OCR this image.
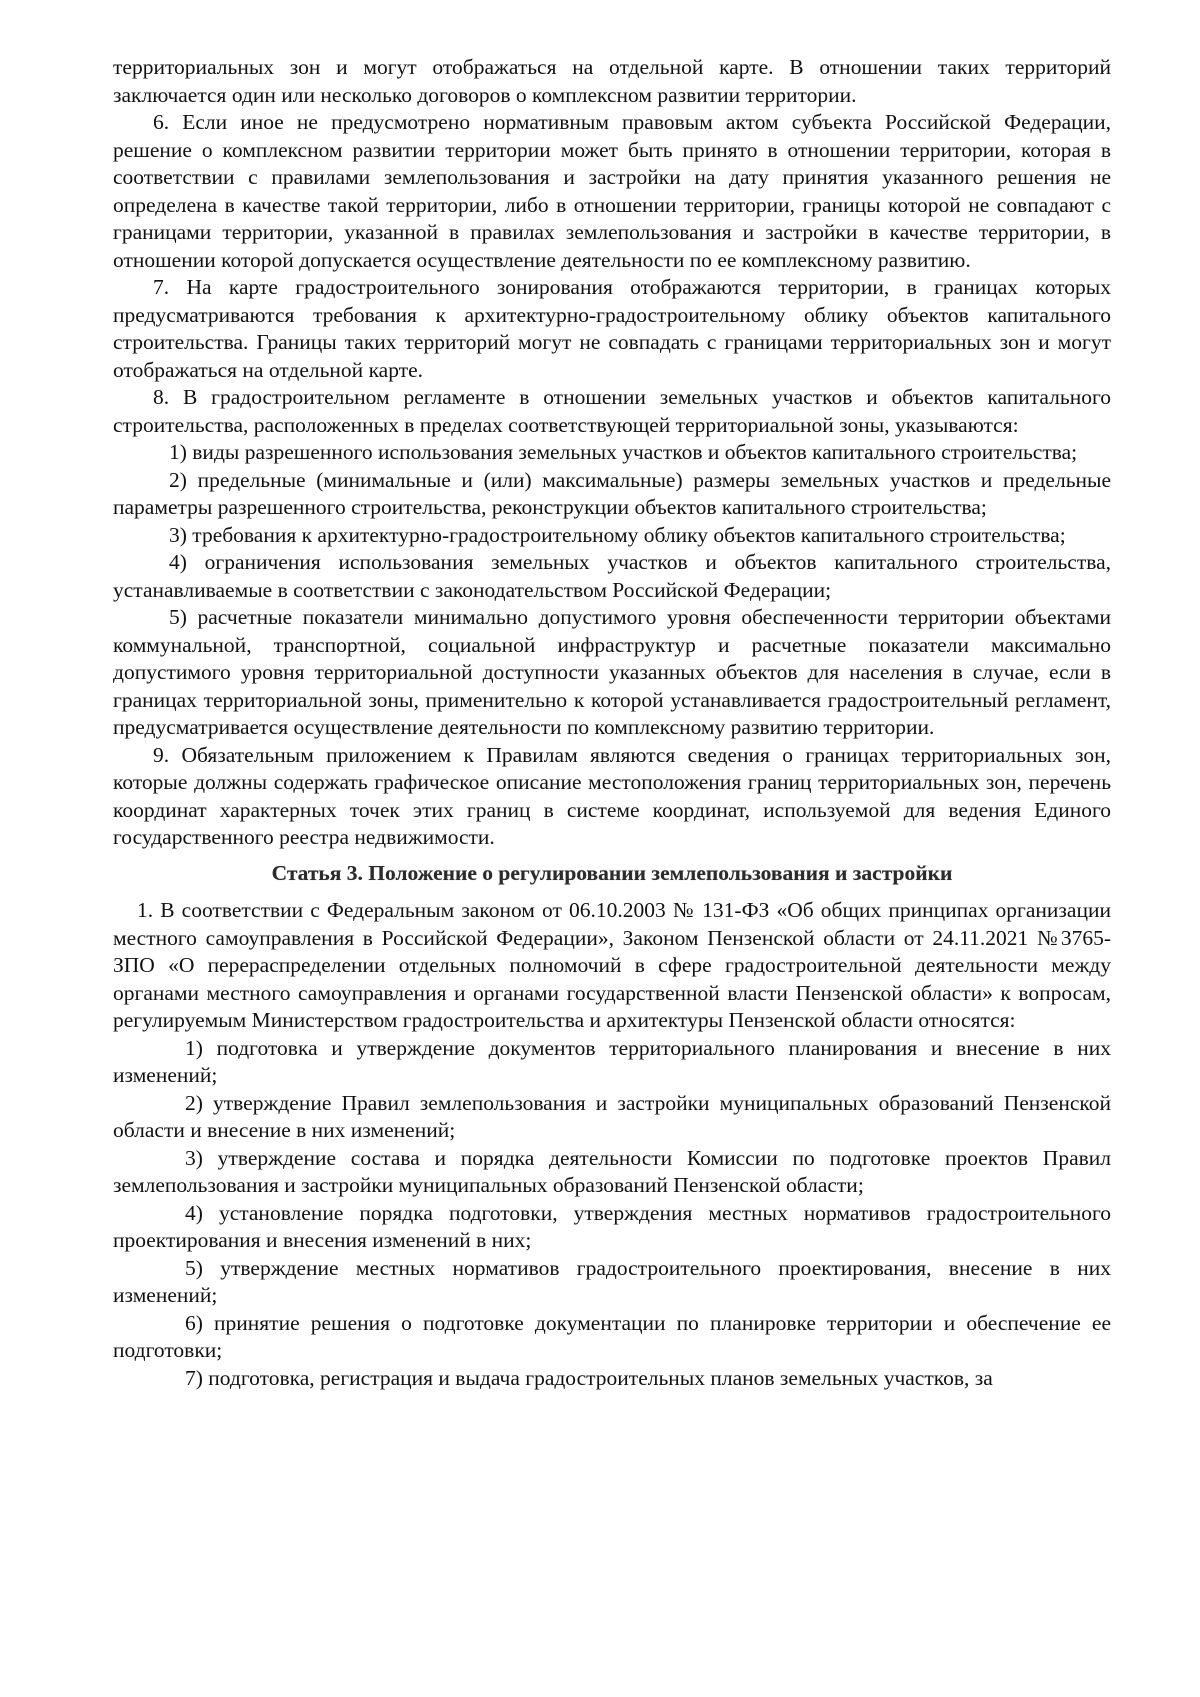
территориальных зон и могут отображаться на отдельной карте. В отношении таких территорий заключается один или несколько договоров о комплексном развитии территории.

6. Если иное не предусмотрено нормативным правовым актом субъекта Российской Федерации, решение о комплексном развитии территории может быть принято в отношении территории, которая в соответствии с правилами землепользования и застройки на дату принятия указанного решения не определена в качестве такой территории, либо в отношении территории, границы которой не совпадают с границами территории, указанной в правилах землепользования и застройки в качестве территории, в отношении которой допускается осуществление деятельности по ее комплексному развитию.

7. На карте градостроительного зонирования отображаются территории, в границах которых предусматриваются требования к архитектурно-градостроительному облику объектов капитального строительства. Границы таких территорий могут не совпадать с границами территориальных зон и могут отображаться на отдельной карте.

8. В градостроительном регламенте в отношении земельных участков и объектов капитального строительства, расположенных в пределах соответствующей территориальной зоны, указываются:

1) виды разрешенного использования земельных участков и объектов капитального строительства;

2) предельные (минимальные и (или) максимальные) размеры земельных участков и предельные параметры разрешенного строительства, реконструкции объектов капитального строительства;

3) требования к архитектурно-градостроительному облику объектов капитального строительства;

4) ограничения использования земельных участков и объектов капитального строительства, устанавливаемые в соответствии с законодательством Российской Федерации;

5) расчетные показатели минимально допустимого уровня обеспеченности территории объектами коммунальной, транспортной, социальной инфраструктур и расчетные показатели максимально допустимого уровня территориальной доступности указанных объектов для населения в случае, если в границах территориальной зоны, применительно к которой устанавливается градостроительный регламент, предусматривается осуществление деятельности по комплексному развитию территории.

9. Обязательным приложением к Правилам являются сведения о границах территориальных зон, которые должны содержать графическое описание местоположения границ территориальных зон, перечень координат характерных точек этих границ в системе координат, используемой для ведения Единого государственного реестра недвижимости.

Статья 3. Положение о регулировании землепользования и застройки

1. В соответствии с Федеральным законом от 06.10.2003 № 131-ФЗ «Об общих принципах организации местного самоуправления в Российской Федерации», Законом Пензенской области от 24.11.2021 №3765-ЗПО «О перераспределении отдельных полномочий в сфере градостроительной деятельности между органами местного самоуправления и органами государственной власти Пензенской области» к вопросам, регулируемым Министерством градостроительства и архитектуры Пензенской области относятся:

1) подготовка и утверждение документов территориального планирования и внесение в них изменений;

2) утверждение Правил землепользования и застройки муниципальных образований Пензенской области и внесение в них изменений;

3) утверждение состава и порядка деятельности Комиссии по подготовке проектов Правил землепользования и застройки муниципальных образований Пензенской области;

4) установление порядка подготовки, утверждения местных нормативов градостроительного проектирования и внесения изменений в них;

5) утверждение местных нормативов градостроительного проектирования, внесение в них изменений;

6) принятие решения о подготовке документации по планировке территории и обеспечение ее подготовки;

7) подготовка, регистрация и выдача градостроительных планов земельных участков, за
